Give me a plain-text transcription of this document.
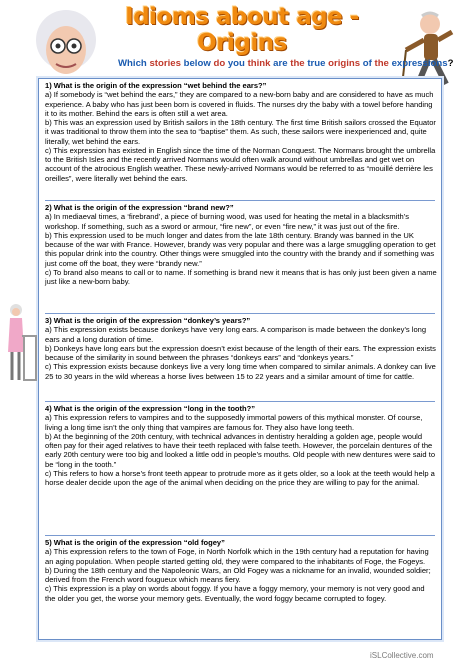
Idioms about age - Origins
Which stories below do you think are the true origins of the expressions?

1) What is the origin of the expression “wet behind the ears?”

a) If somebody is “wet behind the ears,” they are compared to a new-born baby and are considered to have as much experience. A baby who has just been born is covered in fluids. The nurses dry the baby with a towel before handing it to its mother. Behind the ears is often still a wet area.

b) This was an expression used by British sailors in the 18th century. The first time British sailors crossed the Equator it was traditional to throw them into the sea to “baptise” them. As such, these sailors were inexperienced and, quite literally, wet behind the ears.

c) This expression has existed in English since the time of the Norman Conquest. The Normans brought the umbrella to the British Isles and the recently arrived Normans would often walk around without umbrellas and get wet on account of the atrocious English weather. These newly-arrived Normans would be referred to as “mouillé derrière les oreilles”, were literally wet behind the ears.

2) What is the origin of the expression “brand new?”

a) In mediaeval times, a ‘firebrand’, a piece of burning wood, was used for heating the metal in a blacksmith’s workshop. If something, such as a sword or armour, “fire new”, or even “fire new,” it was just out of the fire.

b) This expression used to be much longer and dates from the late 18th century. Brandy was banned in the UK because of the war with France. However, brandy was very popular and there was a large smuggling operation to get this popular drink into the country. Other things were smuggled into the country with the brandy and if something was just come off the boat, they were “brandy new.”

c) To brand also means to call or to name. If something is brand new it means that is has only just been given a name just like a new-born baby.

3) What is the origin of the expression “donkey’s years?”

a) This expression exists because donkeys have very long ears. A comparison is made between the donkey’s long ears and a long duration of time.

b) Donkeys have long ears but the expression doesn’t exist because of the length of their ears. The expression exists because of the similarity in sound between the phrases “donkeys ears” and “donkeys years.”

c) This expression exists because donkeys live a very long time when compared to similar animals. A donkey can live 25 to 30 years in the wild whereas a horse lives between 15 to 22 years and a similar amount of time for cattle.

4) What is the origin of the expression “long in the tooth?”

a) This expression refers to vampires and to the supposedly immortal powers of this mythical monster. Of course, living a long time isn’t the only thing that vampires are famous for. They also have long teeth.

b) At the beginning of the 20th century, with technical advances in dentistry heralding a golden age, people would often pay for their aged relatives to have their teeth replaced with false teeth. However, the porcelain dentures of the early 20th century were too big and looked a little odd in people’s mouths. Old people with new dentures were said to be “long in the tooth.”

c) This refers to how a horse’s front teeth appear to protrude more as it gets older, so a look at the teeth would help a horse dealer decide upon the age of the animal when deciding on the price they are willing to pay for the animal.

5) What is the origin of the expression “old fogey”

a) This expression refers to the town of Foge, in North Norfolk which in the 19th century had a reputation for having an aging population. When people started getting old, they were compared to the inhabitants of Foge, the Fogeys.

b) During the 18th century and the Napoleonic Wars, an Old Fogey was a nickname for an invalid, wounded soldier; derived from the French word fougueux which means fiery.

c) This expression is a play on words about foggy. If you have a foggy memory, your memory is not very good and the older you get, the worse your memory gets. Eventually, the word foggy became corrupted to fogey.

iSLCollective.com
